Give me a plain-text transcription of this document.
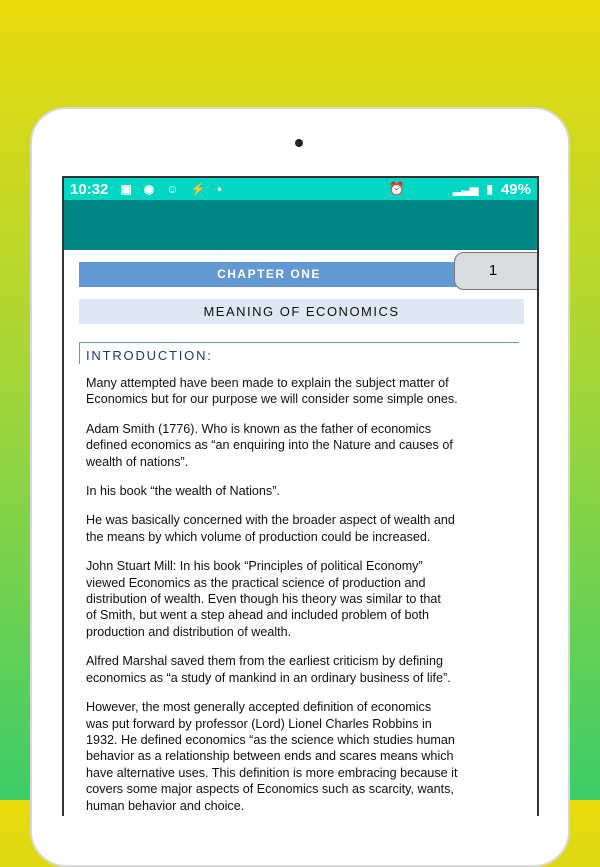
10:32 ▣ ◉ ☺ ⚡ •	⏰	▂▃▅ ▮ 49%
CHAPTER ONE	1
MEANING OF ECONOMICS
INTRODUCTION:

Many attempted have been made to explain the subject matter of
Economics but for our purpose we will consider some simple ones.

Adam Smith (1776). Who is known as the father of economics
defined economics as “an enquiring into the Nature and causes of
wealth of nations”.

In his book “the wealth of Nations”.

He was basically concerned with the broader aspect of wealth and
the means by which volume of production could be increased.

John Stuart Mill: In his book “Principles of political Economy”
viewed Economics as the practical science of production and
distribution of wealth. Even though his theory was similar to that
of Smith, but went a step ahead and included problem of both
production and distribution of wealth.

Alfred Marshal saved them from the earliest criticism by defining
economics as “a study of mankind in an ordinary business of life”.

However, the most generally accepted definition of economics
was put forward by professor (Lord) Lionel Charles Robbins in
1932. He defined economics “as the science which studies human
behavior as a relationship between ends and scares means which
have alternative uses. This definition is more embracing because it
covers some major aspects of Economics such as scarcity, wants,
human behavior and choice.
